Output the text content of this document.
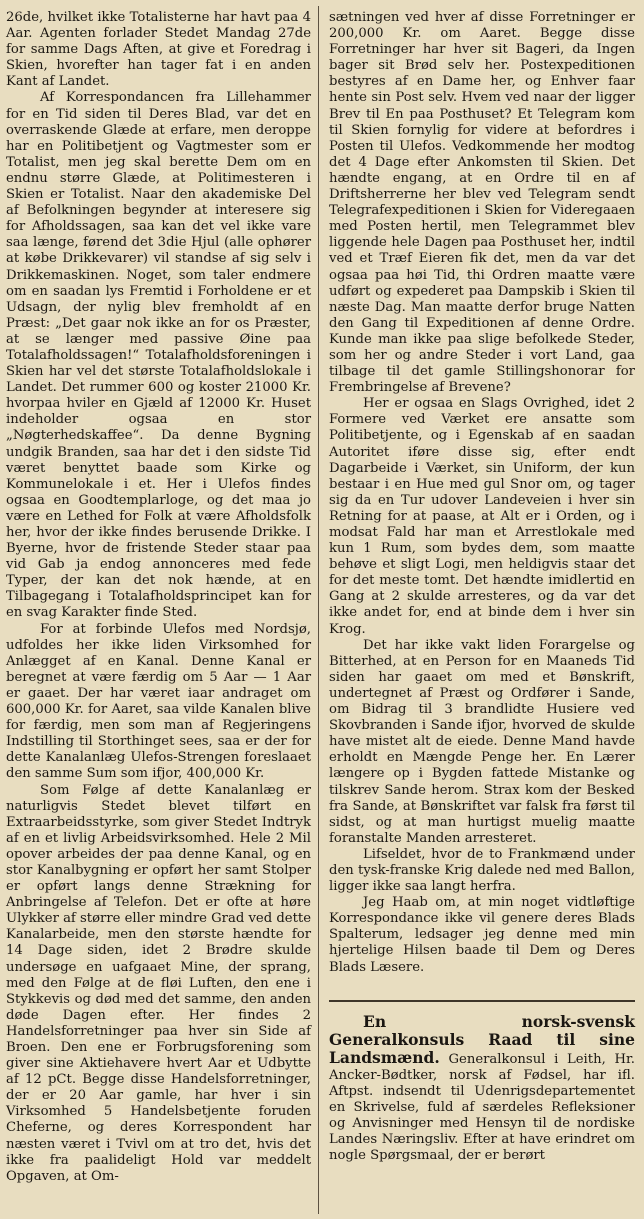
26de, hvilket ikke Totalisterne har havt paa 4 Aar. Agenten forlader Stedet Mandag 27de for samme Dags Aften, at give et Foredrag i Skien, hvorefter han tager fat i en anden Kant af Landet.

Af Korrespondancen fra Lillehammer for en Tid siden til Deres Blad, var det en overraskende Glæde at erfare, men deroppe har en Politibetjent og Vagtmester som er Totalist, men jeg skal berette Dem om en endnu større Glæde, at Politimesteren i Skien er Totalist. Naar den akademiske Del af Befolkningen begynder at interesere sig for Afholdssagen, saa kan det vel ikke vare saa længe, førend det 3die Hjul (alle ophører at købe Drikkevarer) vil standse af sig selv i Drikkemaskinen. Noget, som taler endmere om en saadan lys Fremtid i Forholdene er et Udsagn, der nylig blev fremholdt af en Præst: „Det gaar nok ikke an for os Præster, at se længer med passive Øine paa Totalafholdssagen!“ Totalafholdsforeningen i Skien har vel det største Totalafholdslokale i Landet. Det rummer 600 og koster 21000 Kr. hvorpaa hviler en Gjæld af 12000 Kr. Huset indeholder ogsaa en stor „Nøgterhedskaffee“. Da denne Bygning undgik Branden, saa har det i den sidste Tid været benyttet baade som Kirke og Kommunelokale i et. Her i Ulefos findes ogsaa en Goodtemplarloge, og det maa jo være en Lethed for Folk at være Afholdsfolk her, hvor der ikke findes berusende Drikke. I Byerne, hvor de fristende Steder staar paa vid Gab ja endog annonceres med fede Typer, der kan det nok hænde, at en Tilbagegang i Totalafholdsprincipet kan for en svag Karakter finde Sted.

For at forbinde Ulefos med Nordsjø, udfoldes her ikke liden Virksomhed for Anlægget af en Kanal. Denne Kanal er beregnet at være færdig om 5 Aar — 1 Aar er gaaet. Der har været iaar andraget om 600,000 Kr. for Aaret, saa vilde Kanalen blive for færdig, men som man af Regjeringens Indstilling til Storthinget sees, saa er der for dette Kanalanlæg Ulefos-Strengen foreslaaet den samme Sum som ifjor, 400,000 Kr.

Som Følge af dette Kanalanlæg er naturligvis Stedet blevet tilført en Extraarbeidsstyrke, som giver Stedet Indtryk af en et livlig Arbeidsvirksomhed. Hele 2 Mil opover arbeides der paa denne Kanal, og en stor Kanalbygning er opført her samt Stolper er opført langs denne Strækning for Anbringelse af Telefon. Det er ofte at høre Ulykker af større eller mindre Grad ved dette Kanalarbeide, men den største hændte for 14 Dage siden, idet 2 Brødre skulde undersøge en uafgaaet Mine, der sprang, med den Følge at de fløi Luften, den ene i Stykkevis og død med det samme, den anden døde Dagen efter. Her findes 2 Handelsforretninger paa hver sin Side af Broen. Den ene er Forbrugsforening som giver sine Aktiehavere hvert Aar et Udbytte af 12 pCt. Begge disse Handelsforretninger, der er 20 Aar gamle, har hver i sin Virksomhed 5 Handelsbetjente foruden Cheferne, og deres Korrespondent har næsten været i Tvivl om at tro det, hvis det ikke fra paalideligt Hold var meddelt Opgaven, at Om-

sætningen ved hver af disse Forretninger er 200,000 Kr. om Aaret. Begge disse Forretninger har hver sit Bageri, da Ingen bager sit Brød selv her. Postexpeditionen bestyres af en Dame her, og Enhver faar hente sin Post selv. Hvem ved naar der ligger Brev til En paa Posthuset? Et Telegram kom til Skien fornylig for videre at befordres i Posten til Ulefos. Vedkommende her modtog det 4 Dage efter Ankomsten til Skien. Det hændte engang, at en Ordre til en af Driftsherrerne her blev ved Telegram sendt Telegrafexpeditionen i Skien for Videregaaen med Posten hertil, men Telegrammet blev liggende hele Dagen paa Posthuset her, indtil ved et Træf Eieren fik det, men da var det ogsaa paa høi Tid, thi Ordren maatte være udført og expederet paa Dampskib i Skien til næste Dag. Man maatte derfor bruge Natten den Gang til Expeditionen af denne Ordre. Kunde man ikke paa slige befolkede Steder, som her og andre Steder i vort Land, gaa tilbage til det gamle Stillingshonorar for Frembringelse af Brevene?

Her er ogsaa en Slags Ovrighed, idet 2 Formere ved Værket ere ansatte som Politibetjente, og i Egenskab af en saadan Autoritet iføre disse sig, efter endt Dagarbeide i Værket, sin Uniform, der kun bestaar i en Hue med gul Snor om, og tager sig da en Tur udover Landeveien i hver sin Retning for at paase, at Alt er i Orden, og i modsat Fald har man et Arrestlokale med kun 1 Rum, som bydes dem, som maatte behøve et sligt Logi, men heldigvis staar det for det meste tomt. Det hændte imidlertid en Gang at 2 skulde arresteres, og da var det ikke andet for, end at binde dem i hver sin Krog.

Det har ikke vakt liden Forargelse og Bitterhed, at en Person for en Maaneds Tid siden har gaaet om med et Bønskrift, undertegnet af Præst og Ordfører i Sande, om Bidrag til 3 brandlidte Husiere ved Skovbranden i Sande ifjor, hvorved de skulde have mistet alt de eiede. Denne Mand havde erholdt en Mængde Penge her. En Lærer længere op i Bygden fattede Mistanke og tilskrev Sande herom. Strax kom der Besked fra Sande, at Bønskriftet var falsk fra først til sidst, og at man hurtigst muelig maatte foranstalte Manden arresteret.

Lifseldet, hvor de to Frankmænd under den tysk-franske Krig dalede ned med Ballon, ligger ikke saa langt herfra.

Jeg Haab om, at min noget vidtløftige Korrespondance ikke vil genere deres Blads Spalterum, ledsager jeg denne med min hjertelige Hilsen baade til Dem og Deres Blads Læsere.

En norsk-svensk Generalkonsuls Raad til sine Landsmænd. Generalkonsul i Leith, Hr. Ancker-Bødtker, norsk af Fødsel, har ifl. Aftpst. indsendt til Udenrigsdepartementet en Skrivelse, fuld af særdeles Refleksioner og Anvisninger med Hensyn til de nordiske Landes Næringsliv. Efter at have erindret om nogle Spørgsmaal, der er berørt
